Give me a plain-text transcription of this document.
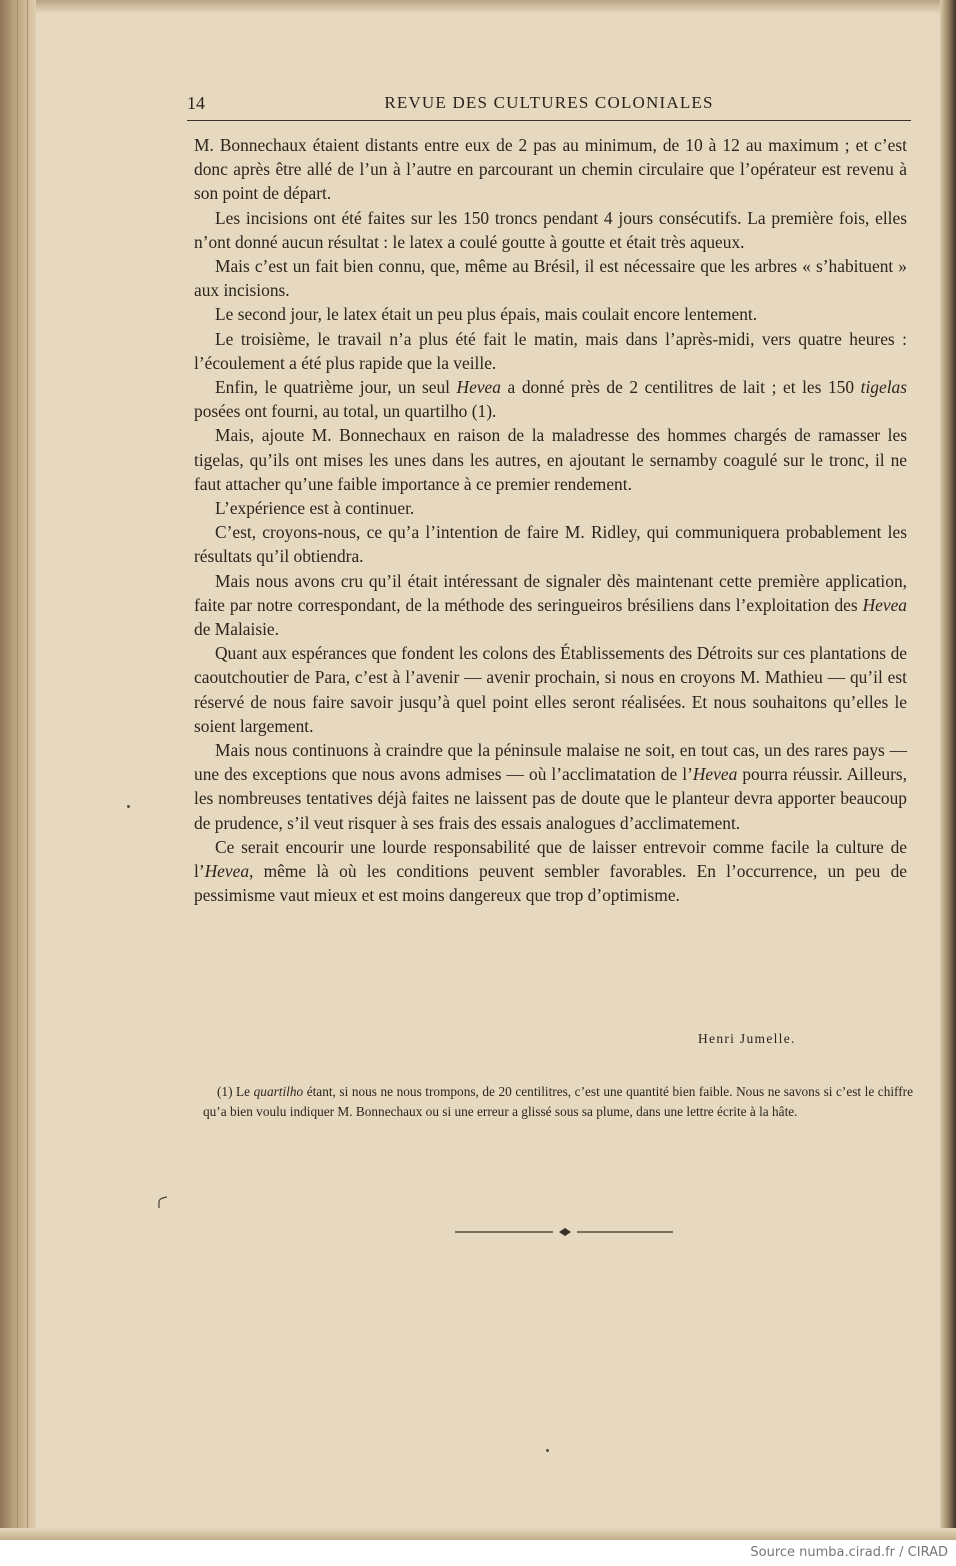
14	REVUE DES CULTURES COLONIALES

M. Bonnechaux étaient distants entre eux de 2 pas au minimum, de 10 à 12 au maximum ; et c’est donc après être allé de l’un à l’autre en parcourant un chemin circulaire que l’opérateur est revenu à son point de départ.

Les incisions ont été faites sur les 150 troncs pendant 4 jours consécutifs. La première fois, elles n’ont donné aucun résultat : le latex a coulé goutte à goutte et était très aqueux.

Mais c’est un fait bien connu, que, même au Brésil, il est nécessaire que les arbres « s’habituent » aux incisions.

Le second jour, le latex était un peu plus épais, mais coulait encore lentement.

Le troisième, le travail n’a plus été fait le matin, mais dans l’après-midi, vers quatre heures : l’écoulement a été plus rapide que la veille.

Enfin, le quatrième jour, un seul Hevea a donné près de 2 centilitres de lait ; et les 150 tigelas posées ont fourni, au total, un quartilho (1).

Mais, ajoute M. Bonnechaux en raison de la maladresse des hommes chargés de ramasser les tigelas, qu’ils ont mises les unes dans les autres, en ajoutant le sernamby coagulé sur le tronc, il ne faut attacher qu’une faible importance à ce premier rendement.

L’expérience est à continuer.

C’est, croyons-nous, ce qu’a l’intention de faire M. Ridley, qui communiquera probablement les résultats qu’il obtiendra.

Mais nous avons cru qu’il était intéressant de signaler dès maintenant cette première application, faite par notre correspondant, de la méthode des seringueiros brésiliens dans l’exploitation des Hevea de Malaisie.

Quant aux espérances que fondent les colons des Établissements des Détroits sur ces plantations de caoutchoutier de Para, c’est à l’avenir — avenir prochain, si nous en croyons M. Mathieu — qu’il est réservé de nous faire savoir jusqu’à quel point elles seront réalisées. Et nous souhaitons qu’elles le soient largement.

Mais nous continuons à craindre que la péninsule malaise ne soit, en tout cas, un des rares pays — une des exceptions que nous avons admises — où l’acclimatation de l’Hevea pourra réussir. Ailleurs, les nombreuses tentatives déjà faites ne laissent pas de doute que le planteur devra apporter beaucoup de prudence, s’il veut risquer à ses frais des essais analogues d’acclimatement.

Ce serait encourir une lourde responsabilité que de laisser entrevoir comme facile la culture de l’Hevea, même là où les conditions peuvent sembler favorables. En l’occurrence, un peu de pessimisme vaut mieux et est moins dangereux que trop d’optimisme.

Henri Jumelle.

(1) Le quartilho étant, si nous ne nous trompons, de 20 centilitres, c’est une quantité bien faible. Nous ne savons si c’est le chiffre qu’a bien voulu indiquer M. Bonnechaux ou si une erreur a glissé sous sa plume, dans une lettre écrite à la hâte.

Source numba.cirad.fr / CIRAD
